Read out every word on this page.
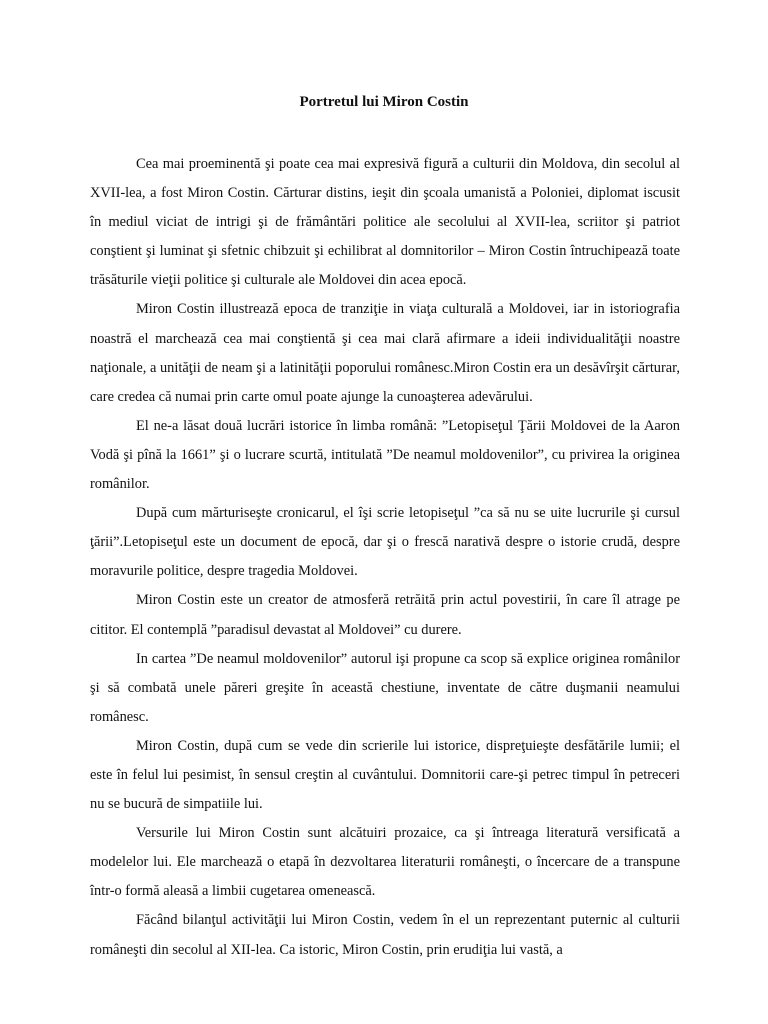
Portretul lui Miron Costin

Cea mai proeminentă şi poate cea mai expresivă figură a culturii din Moldova, din secolul al XVII-lea, a fost Miron Costin. Cărturar distins, ieşit din şcoala umanistă a Poloniei, diplomat iscusit în mediul viciat de intrigi şi de frământări politice ale secolului al XVII-lea, scriitor şi patriot conştient şi luminat şi sfetnic chibzuit şi echilibrat al domnitorilor – Miron Costin întruchipează toate trăsăturile vieţii politice şi culturale ale Moldovei din acea epocă.

Miron Costin illustrează epoca de tranziţie in viaţa culturală a Moldovei, iar in istoriografia noastră el marchează cea mai conştientă şi cea mai clară afirmare a ideii individualităţii noastre naţionale, a unităţii de neam şi a latinităţii poporului românesc.Miron Costin era un desăvîrşit cărturar, care credea că numai prin carte omul poate ajunge la cunoaşterea adevărului.

El ne-a lăsat două lucrări istorice în limba română: ”Letopiseţul Ţării Moldovei de la Aaron Vodă şi pînă la 1661” şi o lucrare scurtă, intitulată ”De neamul moldovenilor”, cu privirea la originea românilor.

După cum mărturiseşte cronicarul, el îşi scrie letopiseţul ”ca să nu se uite lucrurile şi cursul ţării”.Letopiseţul este un document de epocă, dar şi o frescă narativă despre o istorie crudă, despre moravurile politice, despre tragedia Moldovei.

Miron Costin este un creator de atmosferă retrăită prin actul povestirii, în care îl atrage pe cititor. El contemplă ”paradisul devastat al Moldovei” cu durere.

In cartea ”De neamul moldovenilor” autorul işi propune ca scop să explice originea românilor şi să combată unele păreri greşite în această chestiune, inventate de către duşmanii neamului românesc.

Miron Costin, după cum se vede din scrierile lui istorice, dispreţuieşte desfătările lumii; el este în felul lui pesimist, în sensul creştin al cuvântului. Domnitorii care-şi petrec timpul în petreceri nu se bucură de simpatiile lui.

Versurile lui Miron Costin sunt alcătuiri prozaice, ca şi întreaga literatură versificată a modelelor lui. Ele marchează o etapă în dezvoltarea literaturii româneşti, o încercare de a transpune într-o formă aleasă a limbii cugetarea omenească.

Făcând bilanţul activităţii lui Miron Costin, vedem în el un reprezentant puternic al culturii româneşti din secolul al XII-lea. Ca istoric, Miron Costin, prin erudiţia lui vastă, a
